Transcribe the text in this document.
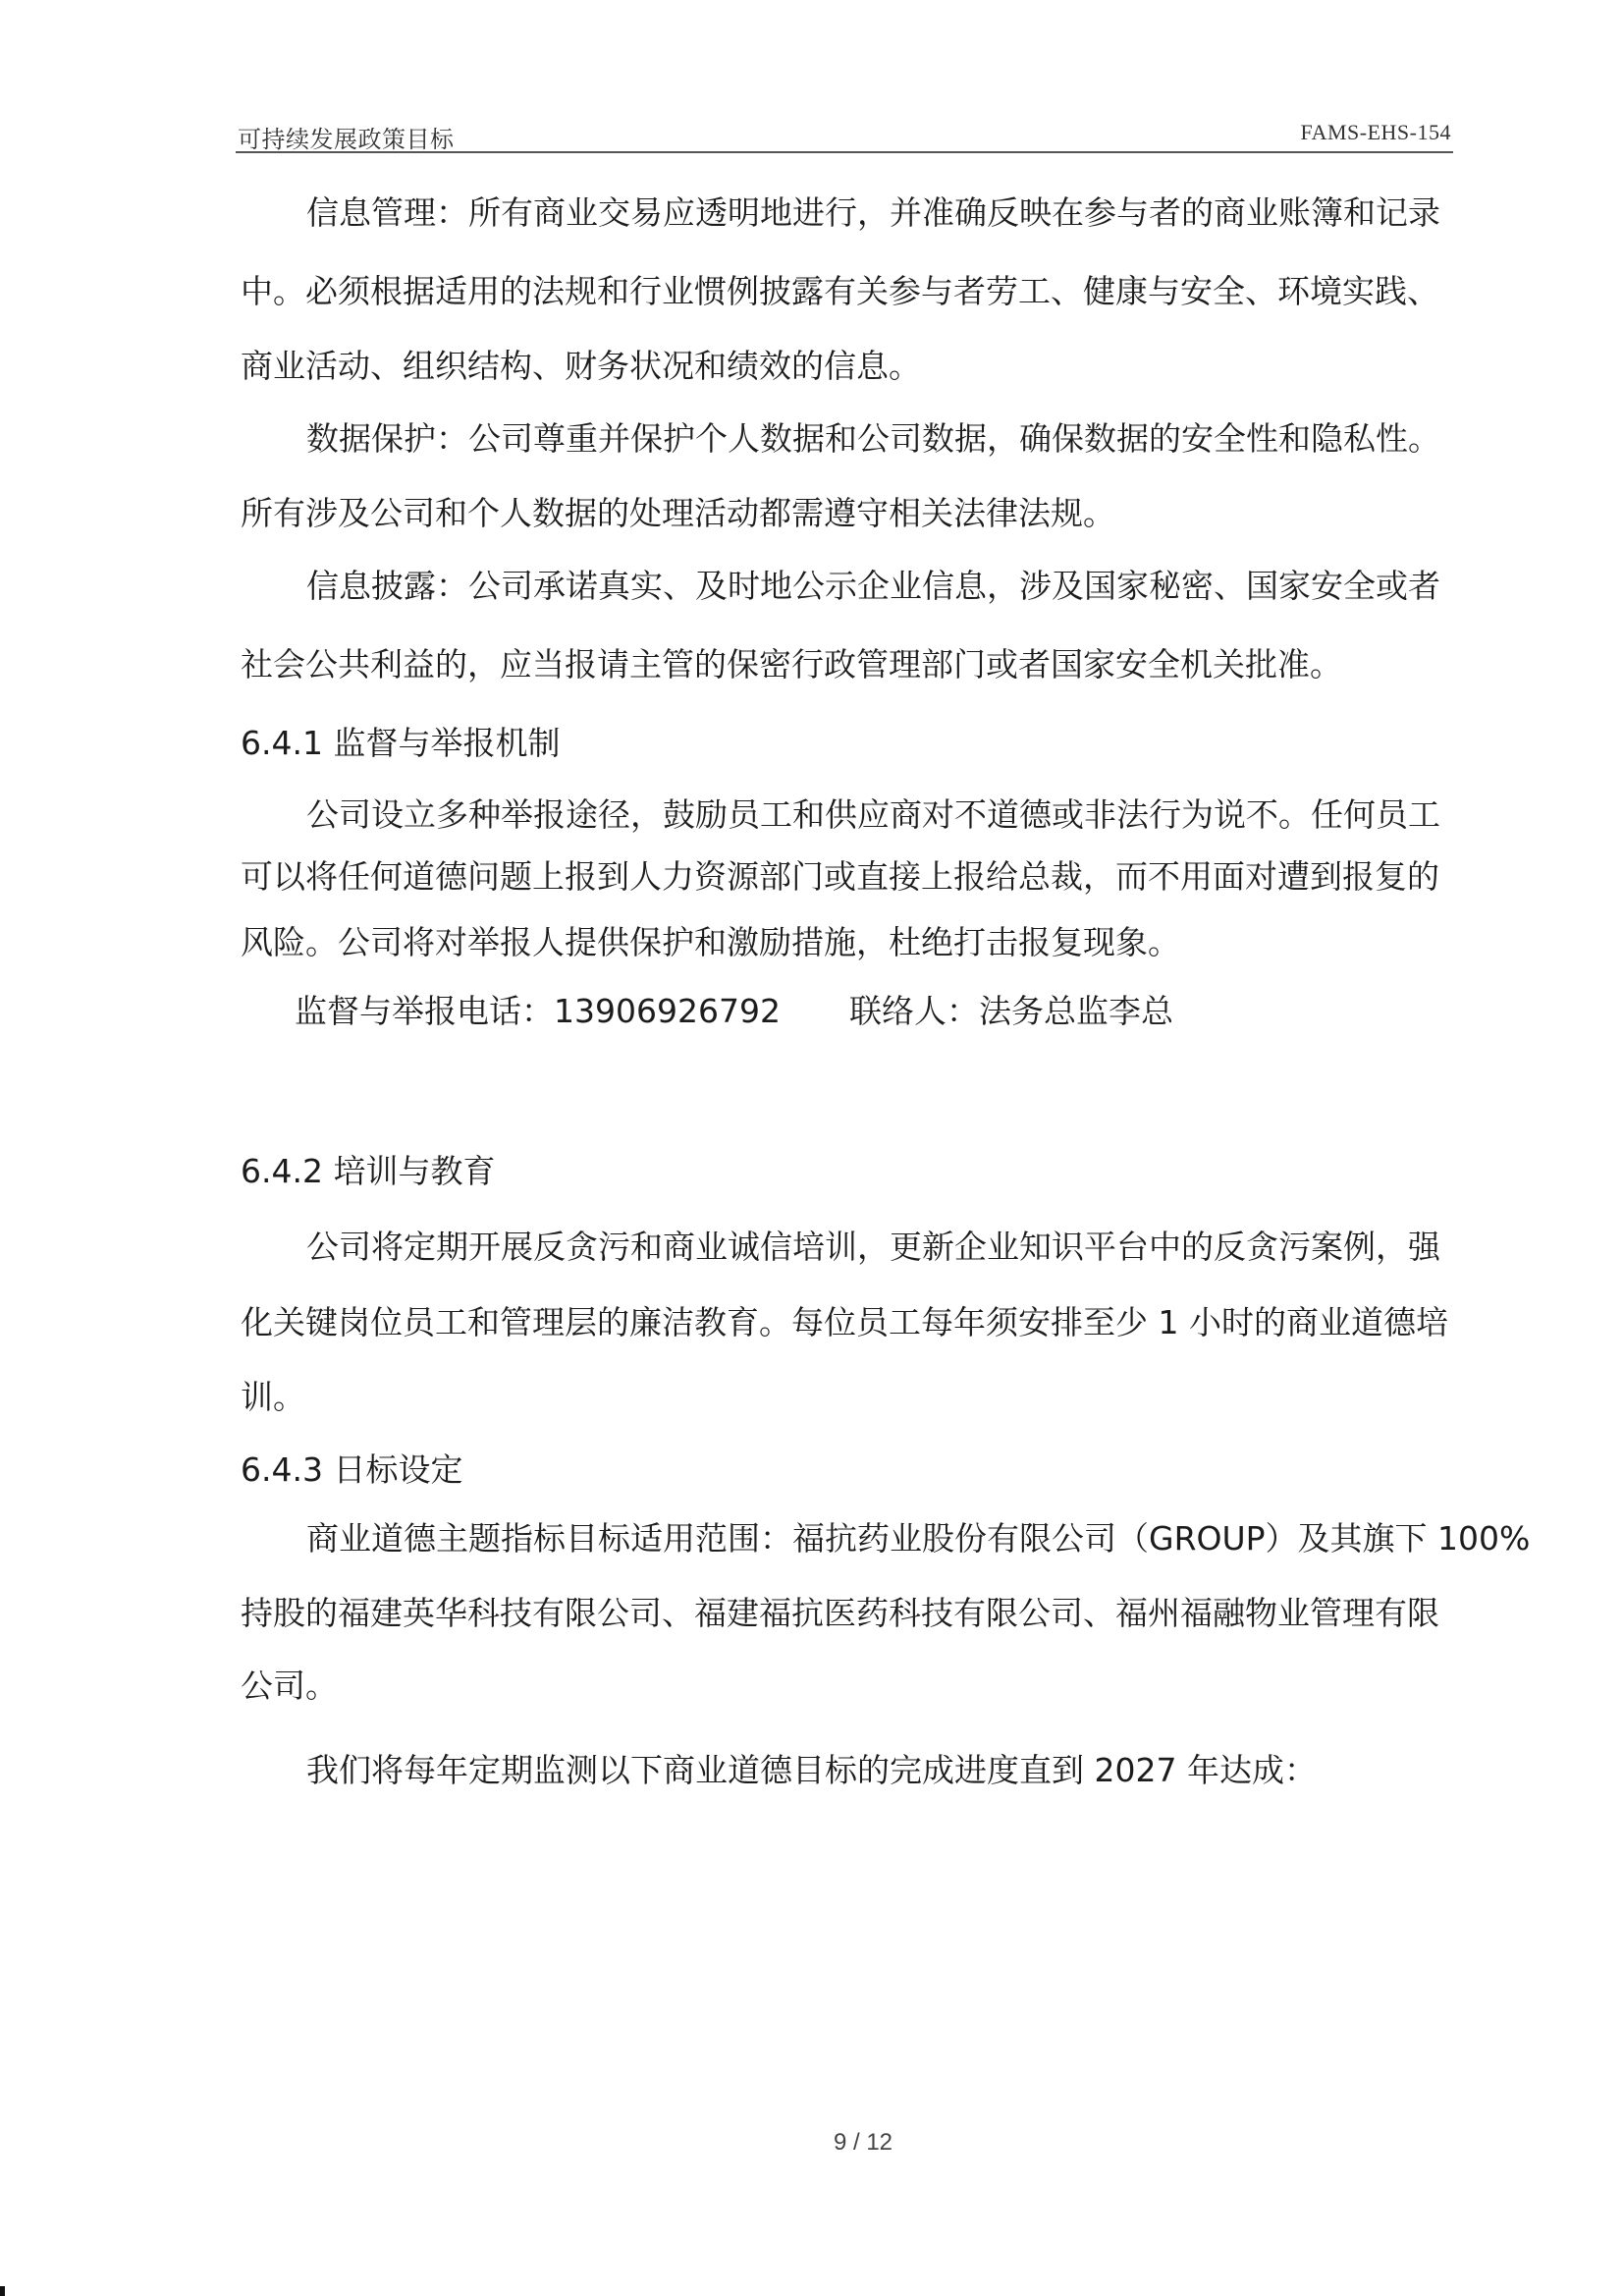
可持续发展政策目标	FAMS-EHS-154
信息管理：所有商业交易应透明地进行，并准确反映在参与者的商业账簿和记录
中。必须根据适用的法规和行业惯例披露有关参与者劳工、健康与安全、环境实践、
商业活动、组织结构、财务状况和绩效的信息。
数据保护：公司尊重并保护个人数据和公司数据，确保数据的安全性和隐私性。
所有涉及公司和个人数据的处理活动都需遵守相关法律法规。
信息披露：公司承诺真实、及时地公示企业信息，涉及国家秘密、国家安全或者
社会公共利益的，应当报请主管的保密行政管理部门或者国家安全机关批准。
6.4.1 监督与举报机制
公司设立多种举报途径，鼓励员工和供应商对不道德或非法行为说不。任何员工
可以将任何道德问题上报到人力资源部门或直接上报给总裁，而不用面对遭到报复的
风险。公司将对举报人提供保护和激励措施，杜绝打击报复现象。
监督与举报电话：13906926792 联络人：法务总监李总
6.4.2 培训与教育
公司将定期开展反贪污和商业诚信培训，更新企业知识平台中的反贪污案例，强
化关键岗位员工和管理层的廉洁教育。每位员工每年须安排至少 1 小时的商业道德培
训。
6.4.3 日标设定
商业道德主题指标目标适用范围：福抗药业股份有限公司（GROUP）及其旗下 100%
持股的福建英华科技有限公司、福建福抗医药科技有限公司、福州福融物业管理有限
公司。
我们将每年定期监测以下商业道德目标的完成进度直到 2027 年达成：
9 / 12
